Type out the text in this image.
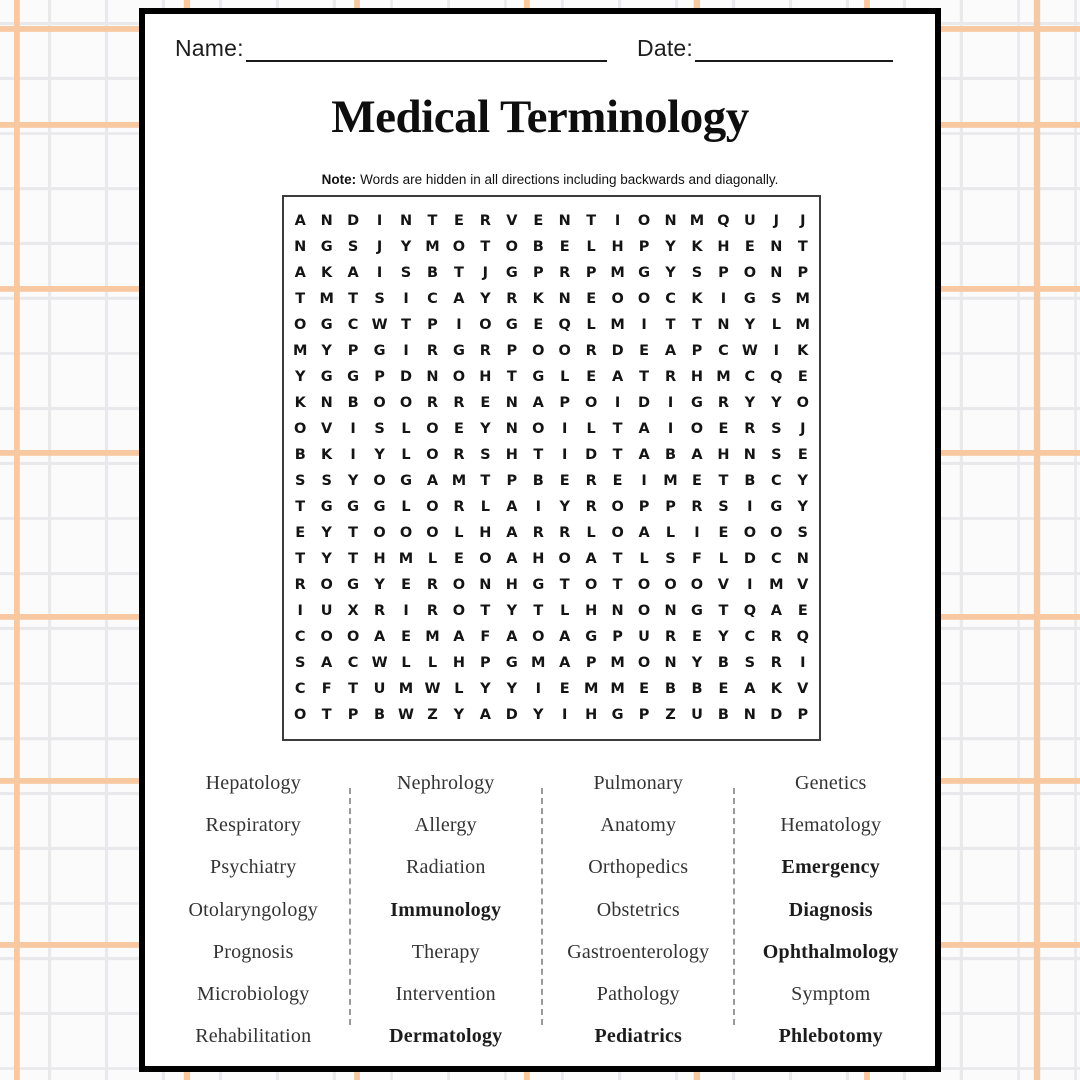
Name:	Date:
Medical Terminology
Note: Words are hidden in all directions including backwards and diagonally.
A	N D	I	N	T	E	R	V	E	N	T	I	O N M Q U	J	J
N G	S	J	Y M O	T	O	B	E	L	H	P	Y	K	H	E	N	T
A	K	A	I	S	B	T	J	G	P	R	P M G	Y	S	P	O N	P
T M T	S	I	C	A	Y	R	K	N	E	O O	C	K	I	G	S M
O G	C W T	P	I	O G	E	Q	L	M	I	T	T	N	Y	L	M
M Y	P	G	I	R	G	R	P	O O	R	D	E	A	P	C W	I	K
Y	G	G	P	D N O H	T	G	L	E	A	T	R	H M C	Q	E
K	N	B	O O	R	R	E	N	A	P	O	I	D	I	G	R	Y	Y	O
O	V	I	S	L	O	E	Y	N O	I	L	T	A	I	O	E	R	S	J
B	K	I	Y	L	O	R	S	H	T	I	D	T	A	B	A	H N	S	E
S	S	Y	O G	A M T	P	B	E	R	E	I	M E	T	B	C	Y
T	G	G	G	L	O	R	L	A	I	Y	R	O	P	P	R	S	I	G	Y
E	Y	T	O O O	L	H	A	R	R	L	O	A	L	I	E	O O	S
T	Y	T	H M	L	E	O	A	H O	A	T	L	S	F	L	D	C	N
R	O G	Y	E	R	O N H G	T	O	T	O O O	V	I	M V
I	U	X	R	I	R	O	T	Y	T	L	H N O N G	T	Q	A	E
C	O O	A	E M A	F	A	O	A	G	P	U	R	E	Y	C	R	Q
S	A	C W L	L	H	P	G M A	P M O N	Y	B	S	R	I
C	F	T	U M W L	Y	Y	I	E M M E	B	B	E	A	K	V
O	T	P	B W Z	Y	A	D	Y	I	H G	P	Z	U	B	N D	P
Hepatology
Respiratory
Psychiatry
Otolaryngology
Prognosis
Microbiology
Rehabilitation
Nephrology
Allergy
Radiation
Immunology
Therapy
Intervention
Dermatology
Pulmonary
Anatomy
Orthopedics
Obstetrics
Gastroenterology
Pathology
Pediatrics
Genetics
Hematology
Emergency
Diagnosis
Ophthalmology
Symptom
Phlebotomy
